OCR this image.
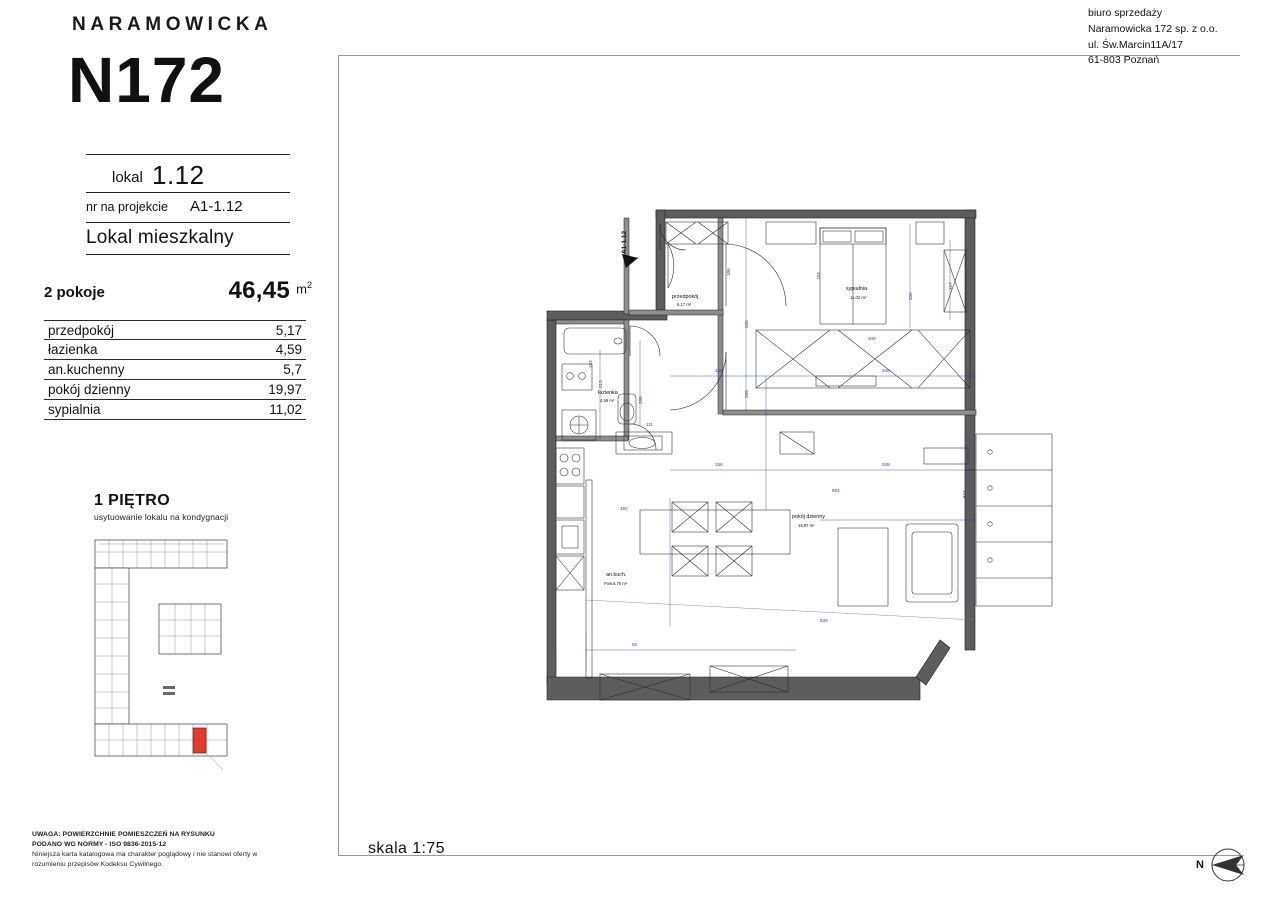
NARAMOWICKA
N172
lokal 1.12
nr na projekcie A1-1.12
Lokal mieszkalny
2 pokoje	46,45 $m^2$
przedpokój	5,17
łazienka	4,59
an.kuchenny	5,7
pokój dzienny	19,97
sypialnia	11,02
1 PIĘTRO
usytuowanie lokalu na kondygnacji
UWAGA: POWIERZCHNIE POMIESZCZEŃ NA RYSUNKU
PODANO WG NORMY - ISO 9836-2015-12
Niniejsza karta katalogowa ma charakter poglądowy i nie stanowi oferty w
rozumieniu przepisów Kodeksu Cywilnego.
biuro sprzedaży
Naramowicka 172 sp. z o.o.
ul. Św.Marcin11A/17
61-803 Poznań
skala 1:75
N
A1-1.12
156
156
348
348
340
504
536
338
208
213
288
111
192
92
330
153
107
186
537
184
przedpokój
5,17 m²
łazienka
4,59 m²
an.kuch.
Pow.5,70 m²
pokój dzienny
19,97 m²
sypialnia
11,02 m²
